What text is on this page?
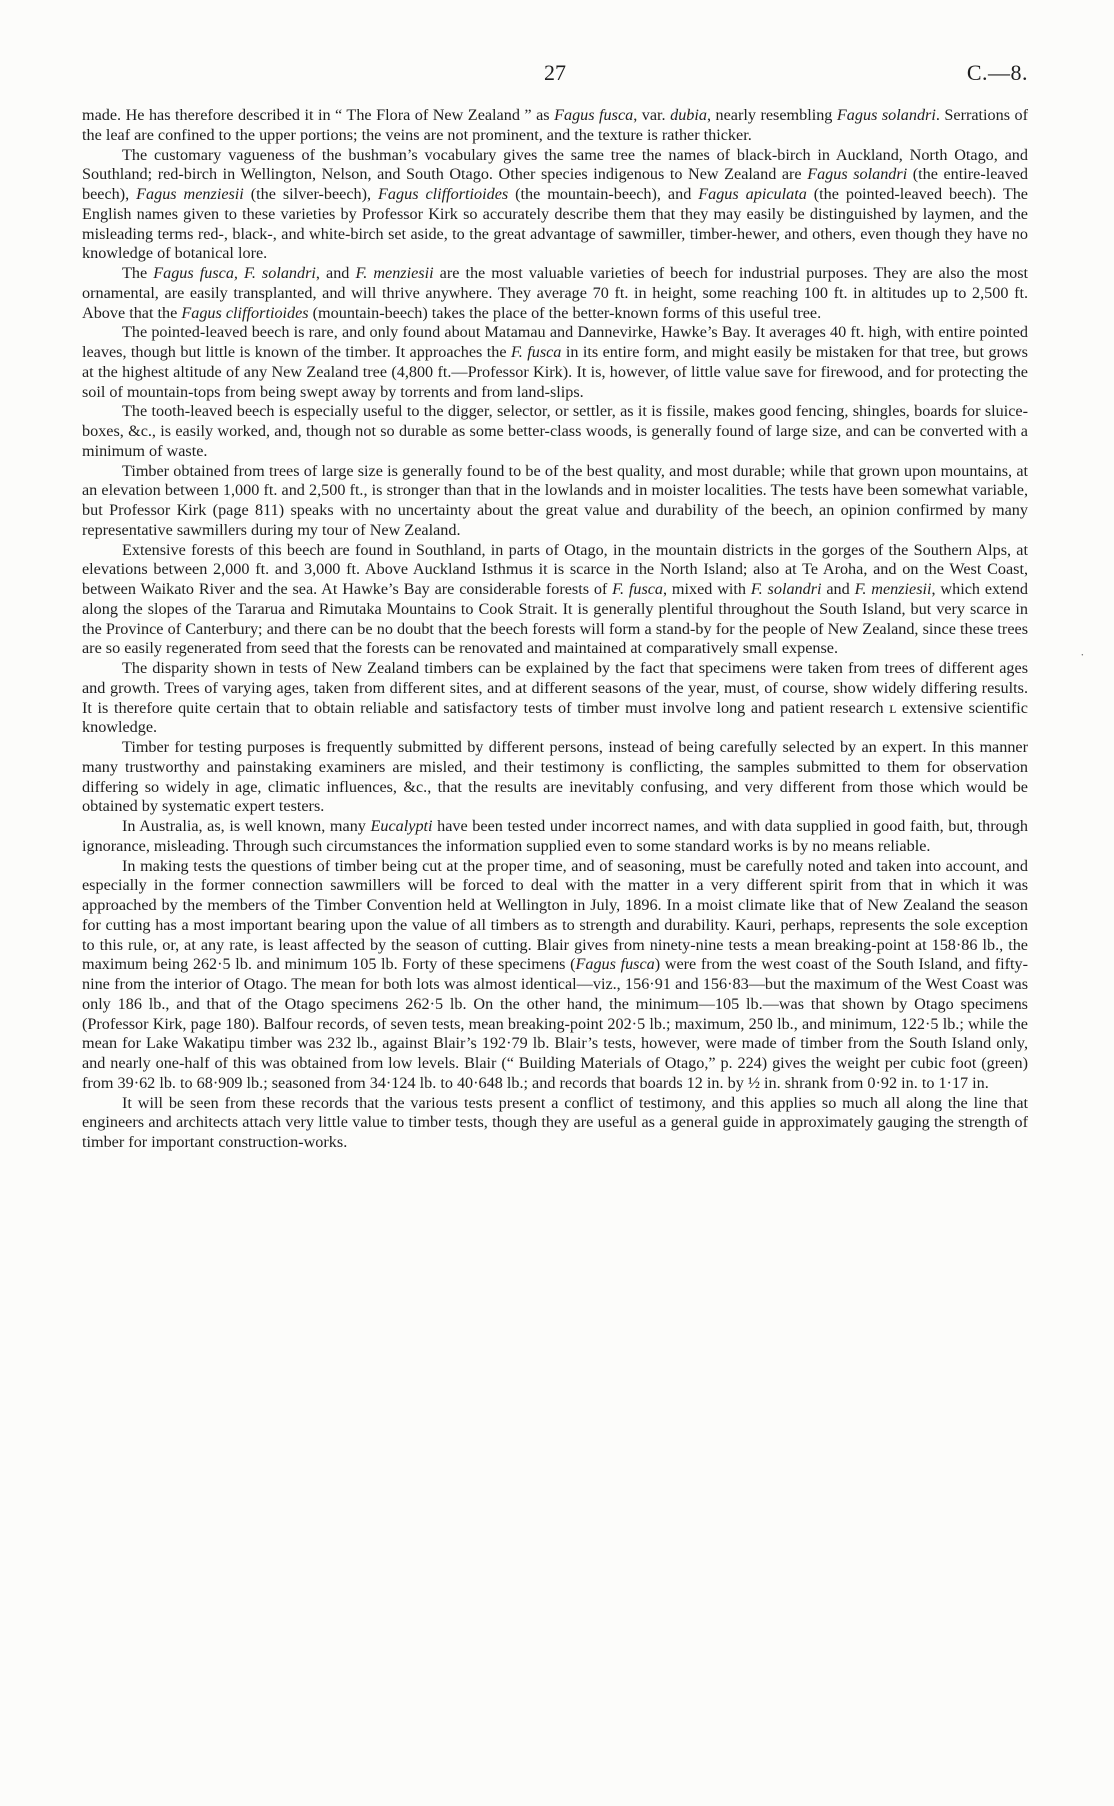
27	C.—8.

made. He has therefore described it in “ The Flora of New Zealand ” as Fagus fusca, var. dubia, nearly resembling Fagus solandri. Serrations of the leaf are confined to the upper portions; the veins are not prominent, and the texture is rather thicker.

The customary vagueness of the bushman’s vocabulary gives the same tree the names of black-birch in Auckland, North Otago, and Southland; red-birch in Wellington, Nelson, and South Otago. Other species indigenous to New Zealand are Fagus solandri (the entire-leaved beech), Fagus menziesii (the silver-beech), Fagus cliffortioides (the mountain-beech), and Fagus apiculata (the pointed-leaved beech). The English names given to these varieties by Professor Kirk so accurately describe them that they may easily be distinguished by laymen, and the misleading terms red-, black-, and white-birch set aside, to the great advantage of sawmiller, timber-hewer, and others, even though they have no knowledge of botanical lore.

The Fagus fusca, F. solandri, and F. menziesii are the most valuable varieties of beech for industrial purposes. They are also the most ornamental, are easily transplanted, and will thrive anywhere. They average 70 ft. in height, some reaching 100 ft. in altitudes up to 2,500 ft. Above that the Fagus cliffortioides (mountain-beech) takes the place of the better-known forms of this useful tree.

The pointed-leaved beech is rare, and only found about Matamau and Dannevirke, Hawke’s Bay. It averages 40 ft. high, with entire pointed leaves, though but little is known of the timber. It approaches the F. fusca in its entire form, and might easily be mistaken for that tree, but grows at the highest altitude of any New Zealand tree (4,800 ft.—Professor Kirk). It is, however, of little value save for firewood, and for protecting the soil of mountain-tops from being swept away by torrents and from land-slips.

The tooth-leaved beech is especially useful to the digger, selector, or settler, as it is fissile, makes good fencing, shingles, boards for sluice-boxes, &c., is easily worked, and, though not so durable as some better-class woods, is generally found of large size, and can be converted with a minimum of waste.

Timber obtained from trees of large size is generally found to be of the best quality, and most durable; while that grown upon mountains, at an elevation between 1,000 ft. and 2,500 ft., is stronger than that in the lowlands and in moister localities. The tests have been somewhat variable, but Professor Kirk (page 811) speaks with no uncertainty about the great value and durability of the beech, an opinion confirmed by many representative sawmillers during my tour of New Zealand.

Extensive forests of this beech are found in Southland, in parts of Otago, in the mountain districts in the gorges of the Southern Alps, at elevations between 2,000 ft. and 3,000 ft. Above Auckland Isthmus it is scarce in the North Island; also at Te Aroha, and on the West Coast, between Waikato River and the sea. At Hawke’s Bay are considerable forests of F. fusca, mixed with F. solandri and F. menziesii, which extend along the slopes of the Tararua and Rimutaka Mountains to Cook Strait. It is generally plentiful throughout the South Island, but very scarce in the Province of Canterbury; and there can be no doubt that the beech forests will form a stand-by for the people of New Zealand, since these trees are so easily regenerated from seed that the forests can be renovated and maintained at comparatively small expense.

The disparity shown in tests of New Zealand timbers can be explained by the fact that specimens were taken from trees of different ages and growth. Trees of varying ages, taken from different sites, and at different seasons of the year, must, of course, show widely differing results. It is therefore quite certain that to obtain reliable and satisfactory tests of timber must involve long and patient research ʟ extensive scientific knowledge.

Timber for testing purposes is frequently submitted by different persons, instead of being carefully selected by an expert. In this manner many trustworthy and painstaking examiners are misled, and their testimony is conflicting, the samples submitted to them for observation differing so widely in age, climatic influences, &c., that the results are inevitably confusing, and very different from those which would be obtained by systematic expert testers.

In Australia, as, is well known, many Eucalypti have been tested under incorrect names, and with data supplied in good faith, but, through ignorance, misleading. Through such circumstances the information supplied even to some standard works is by no means reliable.

In making tests the questions of timber being cut at the proper time, and of seasoning, must be carefully noted and taken into account, and especially in the former connection sawmillers will be forced to deal with the matter in a very different spirit from that in which it was approached by the members of the Timber Convention held at Wellington in July, 1896. In a moist climate like that of New Zealand the season for cutting has a most important bearing upon the value of all timbers as to strength and durability. Kauri, perhaps, represents the sole exception to this rule, or, at any rate, is least affected by the season of cutting. Blair gives from ninety-nine tests a mean breaking-point at 158·86 lb., the maximum being 262·5 lb. and minimum 105 lb. Forty of these specimens (Fagus fusca) were from the west coast of the South Island, and fifty-nine from the interior of Otago. The mean for both lots was almost identical—viz., 156·91 and 156·83—but the maximum of the West Coast was only 186 lb., and that of the Otago specimens 262·5 lb. On the other hand, the minimum—105 lb.—was that shown by Otago specimens (Professor Kirk, page 180). Balfour records, of seven tests, mean breaking-point 202·5 lb.; maximum, 250 lb., and minimum, 122·5 lb.; while the mean for Lake Wakatipu timber was 232 lb., against Blair’s 192·79 lb. Blair’s tests, however, were made of timber from the South Island only, and nearly one-half of this was obtained from low levels. Blair (“ Building Materials of Otago,” p. 224) gives the weight per cubic foot (green) from 39·62 lb. to 68·909 lb.; seasoned from 34·124 lb. to 40·648 lb.; and records that boards 12 in. by ½ in. shrank from 0·92 in. to 1·17 in.

It will be seen from these records that the various tests present a conflict of testimony, and this applies so much all along the line that engineers and architects attach very little value to timber tests, though they are useful as a general guide in approximately gauging the strength of timber for important construction-works.

˙
